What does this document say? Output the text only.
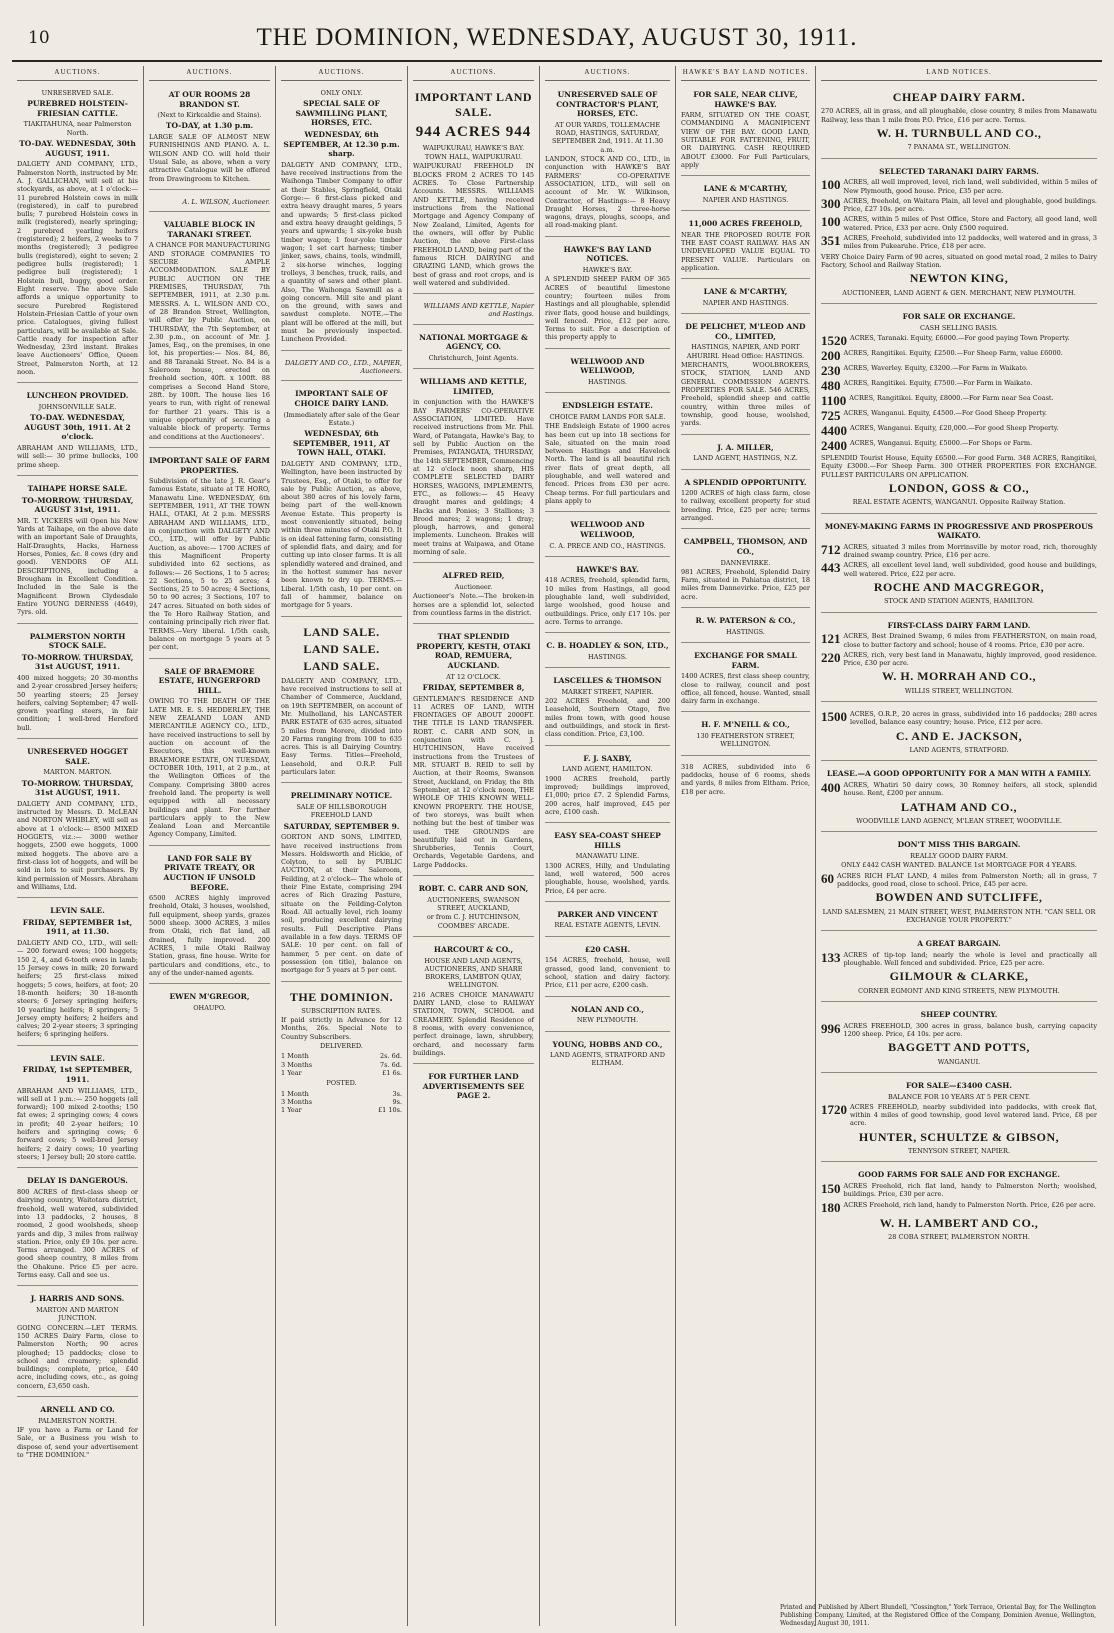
10	THE DOMINION, WEDNESDAY, AUGUST 30, 1911.
AUCTIONS.
UNRESERVED SALE.
PUREBRED HOLSTEIN-FRIESIAN CATTLE.
TIAKITAHUNA, near Palmerston North.
TO-DAY. WEDNESDAY, 30th AUGUST, 1911.

DALGETY AND COMPANY, LTD., Palmerston North, instructed by Mr. A. J. GALLICHAN, will sell at his stockyards, as above, at 1 o'clock:— 11 purebred Holstein cows in milk (registered), in calf to purebred bulls; 7 purebred Holstein cows in milk (registered), nearly springing; 2 purebred yearling heifers (registered); 2 heifers, 2 weeks to 7 months (registered); 3 pedigree bulls (registered), eight to seven; 2 pedigree bulls (registered); 1 pedigree bull (registered); 1 Holstein bull, buggy, good order. Eight reserve. The above Sale affords a unique opportunity to secure Purebred Registered Holstein-Friesian Cattle of your own price. Catalogues, giving fullest particulars, will be available at Sale. Cattle ready for inspection after Wednesday, 23rd instant. Brakes leave Auctioneers' Office, Queen Street, Palmerston North, at 12 noon.

LUNCHEON PROVIDED.
JOHNSONVILLE SALE.
TO-DAY. WEDNESDAY, AUGUST 30th, 1911. At 2 o'clock.

ABRAHAM AND WILLIAMS, LTD., will sell:— 30 prime bullocks, 100 prime sheep.

TAIHAPE HORSE SALE.
TO-MORROW. THURSDAY, AUGUST 31st, 1911.

MR. T. VICKERS will Open his New Yards at Taihape, on the above date with an important Sale of Draughts, Half-Draughts, Hacks, Harness Horses, Ponies, &c. 8 cows (dry and good). VENDORS OF ALL DESCRIPTIONS, including a Brougham in Excellent Condition. Included in the Sale is the Magnificent Brown Clydesdale Entire YOUNG DERNESS (4649), 7yrs. old.

PALMERSTON NORTH STOCK SALE.
TO-MORROW. THURSDAY, 31st AUGUST, 1911.

400 mixed hoggets; 20 30-months and 2-year crossbred Jersey heifers; 50 yearling steers; 25 Jersey heifers, calving September; 47 well-grown yearling steers, in fair condition; 1 well-bred Hereford bull.

UNRESERVED HOGGET SALE.
MARTON. MARTON.
TO-MORROW. THURSDAY, 31st AUGUST, 1911.

DALGETY AND COMPANY, LTD., instructed by Messrs. D. McLEAN and NORTON WHIBLEY, will sell as above at 1 o'clock:— 8500 MIXED HOGGETS, viz.:— 3000 wether hoggets, 2500 ewe hoggets, 1000 mixed hoggets. The above are a first-class lot of hoggets, and will be sold in lots to suit purchasers. By kind permission of Messrs. Abraham and Williams, Ltd.

LEVIN SALE.
FRIDAY, SEPTEMBER 1st, 1911, at 11.30.

DALGETY AND CO., LTD., will sell:— 200 forward ewes; 100 hoggets; 150 2, 4, and 6-tooth ewes in lamb; 15 Jersey cows in milk; 20 forward heifers; 25 first-class mixed hoggets; 5 cows, heifers, at foot; 20 18-month heifers; 30 18-month steers; 6 Jersey springing heifers; 10 yearling heifers; 8 springers; 5 Jersey empty heifers; 2 heifers and calves; 20 2-year steers; 3 springing heifers; 6 springing heifers.

LEVIN SALE.
FRIDAY, 1st SEPTEMBER, 1911.

ABRAHAM AND WILLIAMS, LTD., will sell at 1 p.m.:— 250 hoggets (all forward); 100 mixed 2-tooths; 150 fat ewes; 2 springing cows; 4 cows in profit; 40 2-year heifers; 10 heifers and springing cows; 6 forward cows; 5 well-bred Jersey heifers; 2 dairy cows; 10 yearling steers; 1 Jersey bull; 20 store cattle.

DELAY IS DANGEROUS.

800 ACRES of first-class sheep or dairying country, Waitotara district, freehold, well watered, subdivided into 13 paddocks, 2 houses, 8 roomed, 2 good woolsheds, sheep yards and dip, 3 miles from railway station. Price, only £9 10s. per acre. Terms arranged. 300 ACRES of good sheep country, 8 miles from the Ohakune. Price £5 per acre. Terms easy. Call and see us.

J. HARRIS AND SONS.
MARTON AND MARTON JUNCTION.

GOING CONCERN.—LET TERMS. 150 ACRES Dairy Farm, close to Palmerston North; 90 acres ploughed; 15 paddocks; close to school and creamery; splendid buildings; complete, price, £40 acre, including cows, etc., as going concern, £3,650 cash.

ARNELL AND CO.
PALMERSTON NORTH.

IF you have a Farm or Land for Sale, or a Business you wish to dispose of, send your advertisement to "THE DOMINION."

AUCTIONS.
AT OUR ROOMS 28 BRANDON ST.
(Next to Kirkcaldie and Stains).
TO-DAY, at 1.30 p.m.

LARGE SALE OF ALMOST NEW FURNISHINGS AND PIANO. A. L. WILSON AND CO. will hold their Usual Sale, as above, when a very attractive Catalogue will be offered from Drawingroom to Kitchen.

A. L. WILSON, Auctioneer.
VALUABLE BLOCK IN TARANAKI STREET.

A CHANCE FOR MANUFACTURING AND STORAGE COMPANIES TO SECURE AMPLE ACCOMMODATION. SALE BY PUBLIC AUCTION ON THE PREMISES, THURSDAY, 7th SEPTEMBER, 1911, at 2.30 p.m. MESSRS. A. L. WILSON AND CO., of 28 Brandon Street, Wellington, will offer by Public Auction, on THURSDAY, the 7th September, at 2.30 p.m., on account of Mr. J. James, Esq., on the premises, in one lot, his properties:— Nos. 84, 86, and 88 Taranaki Street. No. 84 is a Saleroom house, erected on freehold section, 40ft. x 100ft. 88 comprises a Second Hand Store, 28ft. by 100ft. The house lies 16 years to run, with right of renewal for further 21 years. This is a unique opportunity of securing a valuable block of property. Terms and conditions at the Auctioneers'.

IMPORTANT SALE OF FARM PROPERTIES.

Subdivision of the late J. R. Gear's famous Estate, situate at TE HORO, Manawatu Line. WEDNESDAY, 6th SEPTEMBER, 1911, AT THE TOWN HALL, OTAKI, At 2 p.m. MESSRS ABRAHAM AND WILLIAMS, LTD., in conjunction with DALGETY AND CO., LTD., will offer by Public Auction, as above:— 1700 ACRES of this Magnificent Property subdivided into 62 sections, as follows:— 26 Sections, 1 to 5 acres; 22 Sections, 5 to 25 acres; 4 Sections, 25 to 50 acres; 4 Sections, 50 to 90 acres; 3 Sections, 107 to 247 acres. Situated on both sides of the Te Horo Railway Station, and containing principally rich river flat. TERMS.—Very liberal. 1/5th cash, balance on mortgage 5 years at 5 per cent.

SALE OF BRAEMORE ESTATE, HUNGERFORD HILL.

OWING TO THE DEATH OF THE LATE MR. E. S. HEDDERLEY, THE NEW ZEALAND LOAN AND MERCANTILE AGENCY CO., LTD., have received instructions to sell by auction on account of the Executors, this well-known BRAEMORE ESTATE, ON TUESDAY, OCTOBER 10th, 1911, at 2 p.m., at the Wellington Offices of the Company. Comprising 3800 acres freehold land. The property is well equipped with all necessary buildings and plant. For further particulars apply to the New Zealand Loan and Mercantile Agency Company, Limited.

LAND FOR SALE BY PRIVATE TREATY, OR AUCTION IF UNSOLD BEFORE.

6500 ACRES highly improved freehold, Otaki, 3 houses, woolshed, full equipment, sheep yards, grazes 5000 sheep. 3000 ACRES, 3 miles from Otaki, rich flat land, all drained, fully improved. 200 ACRES, 1 mile Otaki Railway Station, grass, fine house. Write for particulars and conditions, etc., to any of the under-named agents.

EWEN M'GREGOR,
OHAUPO.
AUCTIONS.
ONLY ONLY.
SPECIAL SALE OF SAWMILLING PLANT, HORSES, ETC.
WEDNESDAY, 6th SEPTEMBER, At 12.30 p.m. sharp.

DALGETY AND COMPANY, LTD., have received instructions from the Waihonga Timber Company to offer at their Stables, Springfield, Otaki Gorge:— 6 first-class picked and extra heavy draught mares, 5 years and upwards; 5 first-class picked and extra heavy draught geldings, 5 years and upwards; 1 six-yoke bush timber wagon; 1 four-yoke timber wagon; 1 set cart harness; timber jinker, saws, chains, tools, windmill, 2 six-horse winches, logging trolleys, 3 benches, truck, rails, and a quantity of saws and other plant. Also, The Waihonga Sawmill as a going concern. Mill site and plant on the ground, with saws and sawdust complete. NOTE.—The plant will be offered at the mill, but must be previously inspected. Luncheon Provided.

DALGETY AND CO., LTD., NAPIER, Auctioneers.
IMPORTANT SALE OF CHOICE DAIRY LAND.
(Immediately after sale of the Gear Estate.)
WEDNESDAY, 6th SEPTEMBER, 1911, AT TOWN HALL, OTAKI.

DALGETY AND COMPANY, LTD., Wellington, have been instructed by Trustees, Esq., of Otaki, to offer for sale by Public Auction, as above, about 380 acres of his lovely farm, being part of the well-known Avenue Estate. This property is most conveniently situated, being within three minutes of Otaki P.O. It is on ideal fattening farm, consisting of splendid flats, and dairy, and for cutting up into closer farms. It is all splendidly watered and drained, and in the hottest summer has never been known to dry up. TERMS.—Liberal. 1/5th cash, 10 per cent. on fall of hammer, balance on mortgage for 5 years.

LAND SALE.
LAND SALE.
LAND SALE.

DALGETY AND COMPANY, LTD., have received instructions to sell at Chamber of Commerce, Auckland, on 19th SEPTEMBER, on account of Mr. Mulholland, his LANCASTER PARK ESTATE of 635 acres, situated 5 miles from Morere, divided into 20 Farms ranging from 100 to 635 acres. This is all Dairying Country. Easy Terms. Titles—Freehold, Leasehold, and O.R.P. Full particulars later.

PRELIMINARY NOTICE.
SALE OF HILLSBOROUGH FREEHOLD LAND
SATURDAY, SEPTEMBER 9.

GORTON AND SONS, LIMITED, have received instructions from Messrs. Holdsworth and Hickie, of Colyton, to sell by PUBLIC AUCTION, at their Saleroom, Feilding, at 2 o'clock— The whole of their Fine Estate, comprising 294 acres of Rich Grazing Pasture, situate on the Feilding-Colyton Road. All actually level, rich loamy soil, producing excellent dairying results. Full Descriptive Plans available in a few days. TERMS OF SALE: 10 per cent. on fall of hammer, 5 per cent. on date of possession (on title), balance on mortgage for 5 years at 5 per cent.

THE DOMINION.
SUBSCRIPTION RATES.

If paid strictly in Advance for 12 Months, 26s. Special Note to Country Subscribers.

DELIVERED.
1 Month	2s. 6d.
3 Months	7s. 6d.
1 Year	£1 6s.
POSTED.
1 Month	3s.
3 Months	9s.
1 Year	£1 10s.
AUCTIONS.
IMPORTANT LAND SALE.
944 ACRES 944
WAIPUKURAU, HAWKE'S BAY.
TOWN HALL, WAIPUKURAU.

WAIPUKURAU FREEHOLD IN BLOCKS FROM 2 ACRES TO 145 ACRES. To Close Partnership Accounts. MESSRS. WILLIAMS AND KETTLE, having received instructions from the National Mortgage and Agency Company of New Zealand, Limited, Agents for the owners, will offer by Public Auction, the above First-class FREEHOLD LAND, being part of the famous RICH DAIRYING and GRAZING LAND, which grows the best of grass and root crops, and is well watered and subdivided.

WILLIAMS AND KETTLE, Napier and Hastings.
NATIONAL MORTGAGE & AGENCY, CO.
Christchurch, Joint Agents.
WILLIAMS AND KETTLE, LIMITED,

in conjunction with the HAWKE'S BAY FARMERS' CO-OPERATIVE ASSOCIATION, LIMITED. Have received instructions from Mr. Phil. Ward, of Patangata, Hawke's Bay, to sell by Public Auction on the Premises, PATANGATA, THURSDAY, the 14th SEPTEMBER, Commencing at 12 o'clock noon sharp, HIS COMPLETE SELECTED DAIRY HORSES, WAGONS, IMPLEMENTS, ETC., as follows:— 45 Heavy draught mares and geldings; 4 Hacks and Ponies; 3 Stallions; 3 Brood mares; 2 wagons; 1 dray; plough, harrows, and general implements. Luncheon. Brakes will meet trains at Waipawa, and Otane morning of sale.

ALFRED REID,
Auctioneer.

Auctioneer's Note.—The broken-in horses are a splendid lot, selected from countless farms in the district.

THAT SPLENDID PROPERTY, KESTH, OTAKI ROAD, REMUERA, AUCKLAND.
AT 12 O'CLOCK.
FRIDAY, SEPTEMBER 8,

GENTLEMAN'S RESIDENCE AND 11 ACRES OF LAND, WITH FRONTAGES OF ABOUT 2000FT. THE TITLE IS LAND TRANSFER. ROBT. C. CARR AND SON, in conjunction with C. J. HUTCHINSON, Have received instructions from the Trustees of MR. STUART B. REID to sell by Auction, at their Rooms, Swanson Street, Auckland, on Friday, the 8th September, at 12 o'clock noon, THE WHOLE OF THIS KNOWN WELL-KNOWN PROPERTY. THE HOUSE, of two storeys, was built when nothing but the best of timber was used. THE GROUNDS are beautifully laid out in Gardens, Shrubberies, Tennis Court, Orchards, Vegetable Gardens, and Large Paddocks.

ROBT. C. CARR AND SON,
AUCTIONEERS, SWANSON STREET, AUCKLAND,
or from C. J. HUTCHINSON, COOMBES' ARCADE.
HARCOURT & CO.,
HOUSE AND LAND AGENTS, AUCTIONEERS, AND SHARE BROKERS, LAMBTON QUAY, WELLINGTON.

216 ACRES CHOICE MANAWATU DAIRY LAND, close to RAILWAY STATION, TOWN, SCHOOL and CREAMERY. Splendid Residence of 8 rooms, with every convenience, perfect drainage, lawn, shrubbery, orchard, and necessary farm buildings.

FOR FURTHER LAND ADVERTISEMENTS SEE PAGE 2.
AUCTIONS.
UNRESERVED SALE OF CONTRACTOR'S PLANT, HORSES, ETC.
AT OUR YARDS, TOLLEMACHE ROAD, HASTINGS, SATURDAY, SEPTEMBER 2nd, 1911. At 11.30 a.m.

LANDON, STOCK AND CO., LTD., in conjunction with HAWKE'S BAY FARMERS' CO-OPERATIVE ASSOCIATION, LTD., will sell on account of Mr. W. Wilkinson, Contractor, of Hastings:— 8 Heavy Draught Horses, 2 three-horse wagons, drays, ploughs, scoops, and all road-making plant.

HAWKE'S BAY LAND NOTICES.
HAWKE'S BAY.

A SPLENDID SHEEP FARM OF 365 ACRES of beautiful limestone country; fourteen miles from Hastings and all ploughable, splendid river flats, good house and buildings, well fenced. Price, £12 per acre. Terms to suit. For a description of this property apply to

WELLWOOD AND WELLWOOD,
HASTINGS.
ENDSLEIGH ESTATE.
CHOICE FARM LANDS FOR SALE.

THE Endsleigh Estate of 1900 acres has been cut up into 18 sections for Sale, situated on the main road between Hastings and Havelock North. The land is all beautiful rich river flats of great depth, all ploughable, and well watered and fenced. Prices from £30 per acre. Cheap terms. For full particulars and plans apply to

WELLWOOD AND WELLWOOD,
C. A. PRECE AND CO., HASTINGS.
HAWKE'S BAY.

418 ACRES, freehold, splendid farm, 10 miles from Hastings, all good ploughable land, well subdivided, large woolshed, good house and outbuildings. Price, only £17 10s. per acre. Terms to arrange.

C. B. HOADLEY & SON, LTD.,
HASTINGS.
LASCELLES & THOMSON
MARKET STREET, NAPIER.

202 ACRES Freehold, and 200 Leasehold, Southern Otago, five miles from town, with good house and outbuildings, and stock in first-class condition. Price, £3,100.

F. J. SAXBY,
LAND AGENT, HAMILTON.

1900 ACRES freehold, partly improved; buildings improved, £1,000; price £7. 2 Splendid Farms, 200 acres, half improved, £45 per acre, £100 cash.

EASY SEA-COAST SHEEP HILLS
MANAWATU LINE.

1300 ACRES, Hilly, and Undulating land, well watered, 500 acres ploughable, house, woolshed, yards. Price, £4 per acre.

PARKER AND VINCENT
REAL ESTATE AGENTS, LEVIN.
£20 CASH.

154 ACRES, freehold, house, well grassed, good land, convenient to school, station and dairy factory. Price, £11 per acre, £200 cash.

NOLAN AND CO.,
NEW PLYMOUTH.
YOUNG, HOBBS AND CO.,
LAND AGENTS, STRATFORD AND ELTHAM.
HAWKE'S BAY LAND NOTICES.
FOR SALE, NEAR CLIVE, HAWKE'S BAY.

FARM, SITUATED ON THE COAST, COMMANDING A MAGNIFICENT VIEW OF THE BAY. GOOD LAND, SUITABLE FOR FATTENING, FRUIT, OR DAIRYING. CASH REQUIRED ABOUT £3000. For Full Particulars, apply

LANE & M'CARTHY,
NAPIER AND HASTINGS.
11,000 ACRES FREEHOLD,

NEAR THE PROPOSED ROUTE FOR THE EAST COAST RAILWAY. HAS AN UNDEVELOPED VALUE EQUAL TO PRESENT VALUE. Particulars on application.

LANE & M'CARTHY,
NAPIER AND HASTINGS.
DE PELICHET, M'LEOD AND CO., LIMITED,
HASTINGS, NAPIER, AND PORT AHURIRI. Head Office: HASTINGS.

MERCHANTS, WOOLBROKERS, STOCK, STATION, LAND AND GENERAL COMMISSION AGENTS. PROPERTIES FOR SALE. 546 ACRES, Freehold, splendid sheep and cattle country, within three miles of township, good house, woolshed, yards.

J. A. MILLER,
LAND AGENT, HASTINGS, N.Z.
A SPLENDID OPPORTUNITY.

1200 ACRES of high class farm, close to railway, excellent property for stud breeding. Price, £25 per acre; terms arranged.

CAMPBELL, THOMSON, AND CO.,
DANNEVIRKE.

981 ACRES, Freehold, Splendid Dairy Farm, situated in Pahiatua district, 18 miles from Dannevirke. Price, £25 per acre.

R. W. PATERSON & CO.,
HASTINGS.
EXCHANGE FOR SMALL FARM.

1400 ACRES, first class sheep country, close to railway, council and post office, all fenced, house. Wanted, small dairy farm in exchange.

H. F. M'NEILL & CO.,
130 FEATHERSTON STREET, WELLINGTON.

318 ACRES, subdivided into 6 paddocks, house of 6 rooms, sheds and yards, 8 miles from Eltham. Price, £18 per acre.

LAND NOTICES.
CHEAP DAIRY FARM.

270 ACRES, all in grass, and all ploughable, close country, 8 miles from Manawatu Railway, less than 1 mile from P.O. Price, £16 per acre. Terms.

W. H. TURNBULL AND CO.,
7 PANAMA ST., WELLINGTON.
SELECTED TARANAKI DAIRY FARMS.
100 ACRES, all well improved, level, rich land, well subdivided, within 5 miles of New Plymouth, good house. Price, £35 per acre.
300 ACRES, freehold, on Waitara Plain, all level and ploughable, good buildings. Price, £27 10s. per acre.
100 ACRES, within 5 miles of Post Office, Store and Factory, all good land, well watered. Price, £33 per acre. Only £500 required.
351 ACRES, Freehold, subdivided into 12 paddocks, well watered and in grass, 3 miles from Pukearuhe. Price, £18 per acre.

VERY Choice Dairy Farm of 90 acres, situated on good metal road, 2 miles to Dairy Factory, School and Railway Station.

NEWTON KING,
AUCTIONEER, LAND AGENT & GEN. MERCHANT, NEW PLYMOUTH.
FOR SALE OR EXCHANGE.
CASH SELLING BASIS.
1520 ACRES, Taranaki. Equity, £6000.—For good paying Town Property.
200 ACRES, Rangitikei. Equity, £2500.—For Sheep Farm, value £6000.
230 ACRES, Waverley. Equity, £3200.—For Farm in Waikato.
480 ACRES, Rangitikei. Equity, £7500.—For Farm in Waikato.
1100 ACRES, Rangitikei. Equity, £8000.—For Farm near Sea Coast.
725 ACRES, Wanganui. Equity, £4500.—For Good Sheep Property.
4400 ACRES, Wanganui. Equity, £20,000.—For good Sheep Property.
2400 ACRES, Wanganui. Equity, £5000.—For Shops or Farm.

SPLENDID Tourist House, Equity £6500.—For good Farm. 348 ACRES, Rangitikei, Equity £3000.—For Sheep Farm. 300 OTHER PROPERTIES FOR EXCHANGE. FULLEST PARTICULARS ON APPLICATION.

LONDON, GOSS & CO.,
REAL ESTATE AGENTS, WANGANUI. Opposite Railway Station.
MONEY-MAKING FARMS IN PROGRESSIVE AND PROSPEROUS WAIKATO.
712 ACRES, situated 3 miles from Morrinsville by motor road, rich, thoroughly drained swamp country. Price, £16 per acre.
443 ACRES, all excellent level land, well subdivided, good house and buildings, well watered. Price, £22 per acre.
ROCHE AND MACGREGOR,
STOCK AND STATION AGENTS, HAMILTON.
FIRST-CLASS DAIRY FARM LAND.
121 ACRES, Best Drained Swamp, 6 miles from FEATHERSTON, on main road, close to butter factory and school; house of 4 rooms. Price, £30 per acre.
220 ACRES, rich, very best land in Manawatu, highly improved, good residence. Price, £30 per acre.
W. H. MORRAH AND CO.,
WILLIS STREET, WELLINGTON.
1500 ACRES, O.R.P., 20 acres in grass, subdivided into 16 paddocks; 280 acres levelled, balance easy country; house. Price, £12 per acre.
C. AND E. JACKSON,
LAND AGENTS, STRATFORD.
LEASE.—A GOOD OPPORTUNITY FOR A MAN WITH A FAMILY.
400 ACRES, Whatiri 50 dairy cows, 30 Romney heifers, all stock, splendid house. Rent, £200 per annum.
LATHAM AND CO.,
WOODVILLE LAND AGENCY, M'LEAN STREET, WOODVILLE.
DON'T MISS THIS BARGAIN.
REALLY GOOD DAIRY FARM.
ONLY £442 CASH WANTED. BALANCE 1st MORTGAGE FOR 4 YEARS.
60 ACRES RICH FLAT LAND, 4 miles from Palmerston North; all in grass, 7 paddocks, good road, close to school. Price, £45 per acre.
BOWDEN AND SUTCLIFFE,
LAND SALESMEN, 21 MAIN STREET, WEST, PALMERSTON NTH. "CAN SELL OR EXCHANGE YOUR PROPERTY."
A GREAT BARGAIN.
133 ACRES of tip-top land; nearly the whole is level and practically all ploughable. Well fenced and subdivided. Price, £25 per acre.
GILMOUR & CLARKE,
CORNER EGMONT AND KING STREETS, NEW PLYMOUTH.
SHEEP COUNTRY.
996 ACRES FREEHOLD, 300 acres in grass, balance bush, carrying capacity 1200 sheep. Price, £4 10s. per acre.
BAGGETT AND POTTS,
WANGANUI.
FOR SALE—£3400 CASH.
BALANCE FOR 10 YEARS AT 5 PER CENT.
1720 ACRES FREEHOLD, nearby subdivided into paddocks, with creek flat, within 4 miles of good township, good level watered land. Price, £8 per acre.
HUNTER, SCHULTZE & GIBSON,
TENNYSON STREET, NAPIER.
GOOD FARMS FOR SALE AND FOR EXCHANGE.
150 ACRES Freehold, rich flat land, handy to Palmerston North; woolshed, buildings. Price, £30 per acre.
180 ACRES Freehold, rich land, handy to Palmerston North. Price, £26 per acre.
W. H. LAMBERT AND CO.,
28 COBA STREET, PALMERSTON NORTH.
Printed and Published by Albert Blundell, "Cossington," York Terrace, Oriental Bay, for The Wellington Publishing Company, Limited, at the Registered Office of the Company, Dominion Avenue, Wellington, Wednesday, August 30, 1911.
